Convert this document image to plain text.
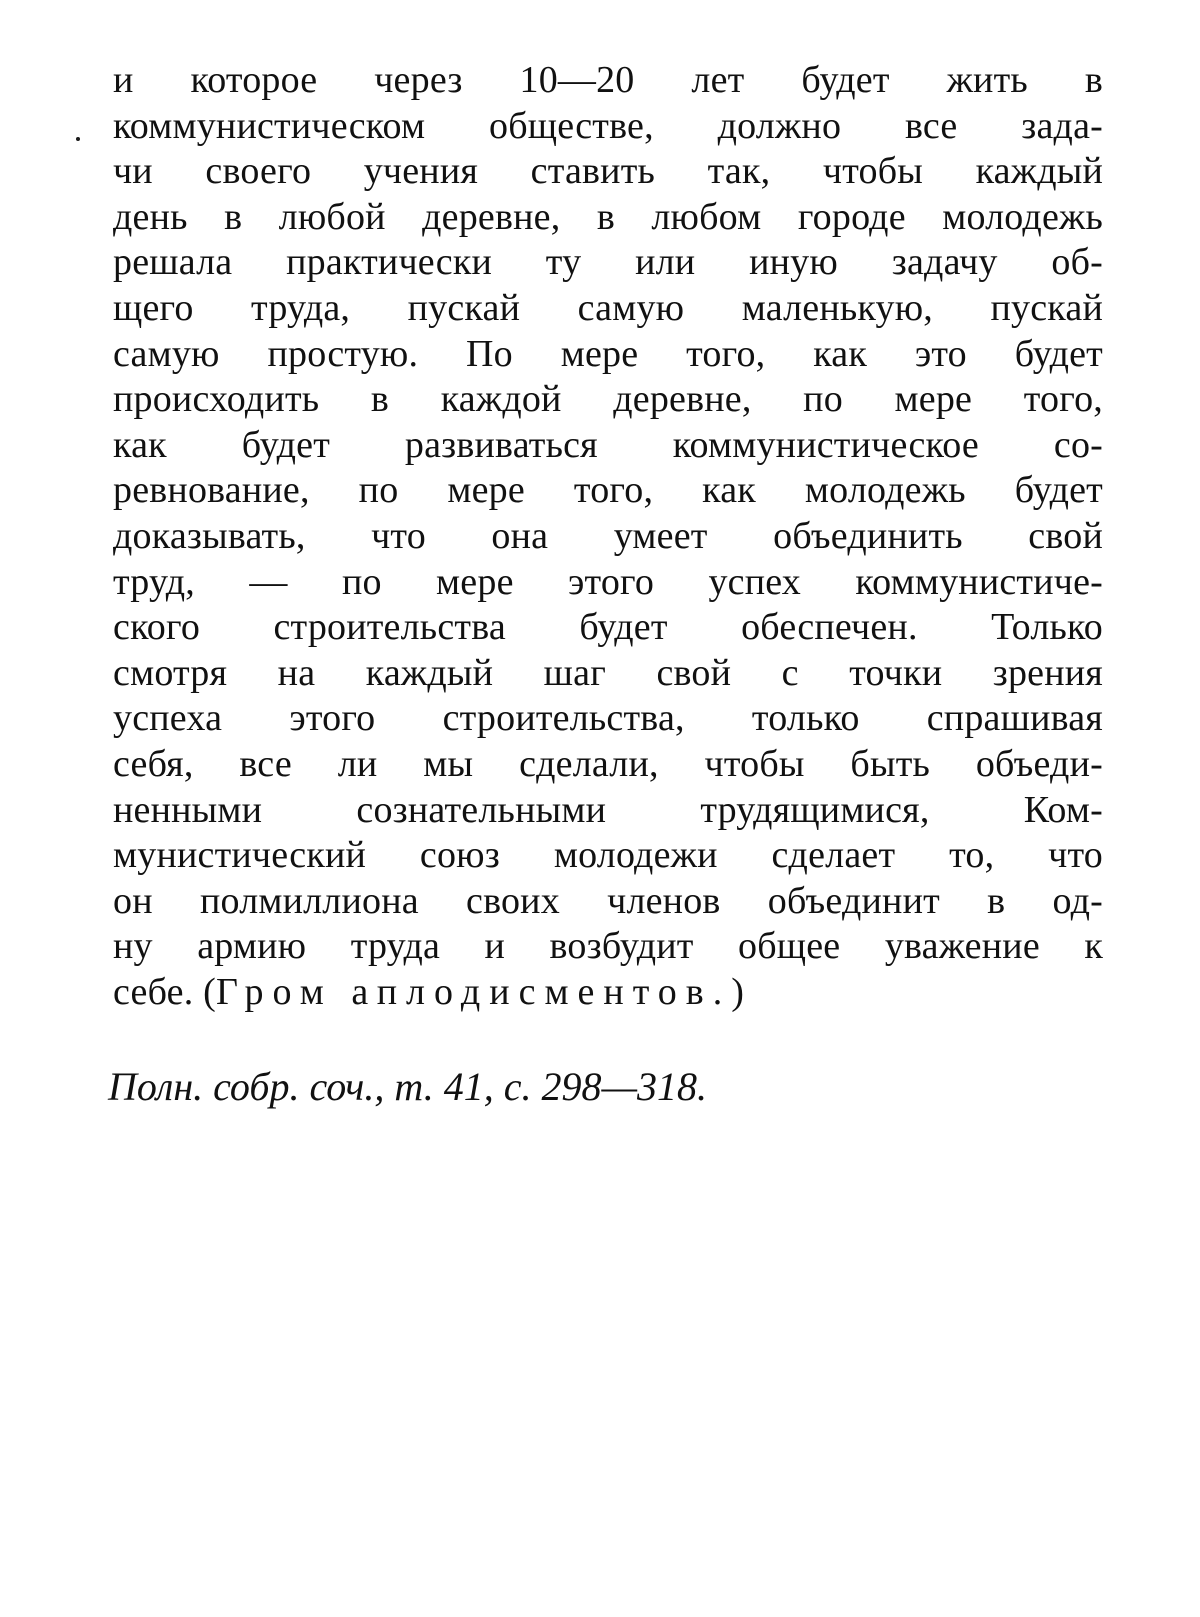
и которое через 10—20 лет будет жить в
коммунистическом обществе, должно все зада-
чи своего учения ставить так, чтобы каждый
день в любой деревне, в любом городе молодежь
решала практически ту или иную задачу об-
щего труда, пускай самую маленькую, пускай
самую простую. По мере того, как это будет
происходить в каждой деревне, по мере того,
как будет развиваться коммунистическое со-
ревнование, по мере того, как молодежь будет
доказывать, что она умеет объединить свой
труд, — по мере этого успех коммунистиче-
ского строительства будет обеспечен. Только
смотря на каждый шаг свой с точки зрения
успеха этого строительства, только спрашивая
себя, все ли мы сделали, чтобы быть объеди-
ненными сознательными трудящимися, Ком-
мунистический союз молодежи сделает то, что
он полмиллиона своих членов объединит в од-
ну армию труда и возбудит общее уважение к
себе. (Гром аплодисментов.)
Полн. собр. соч., т. 41, с. 298—318.
